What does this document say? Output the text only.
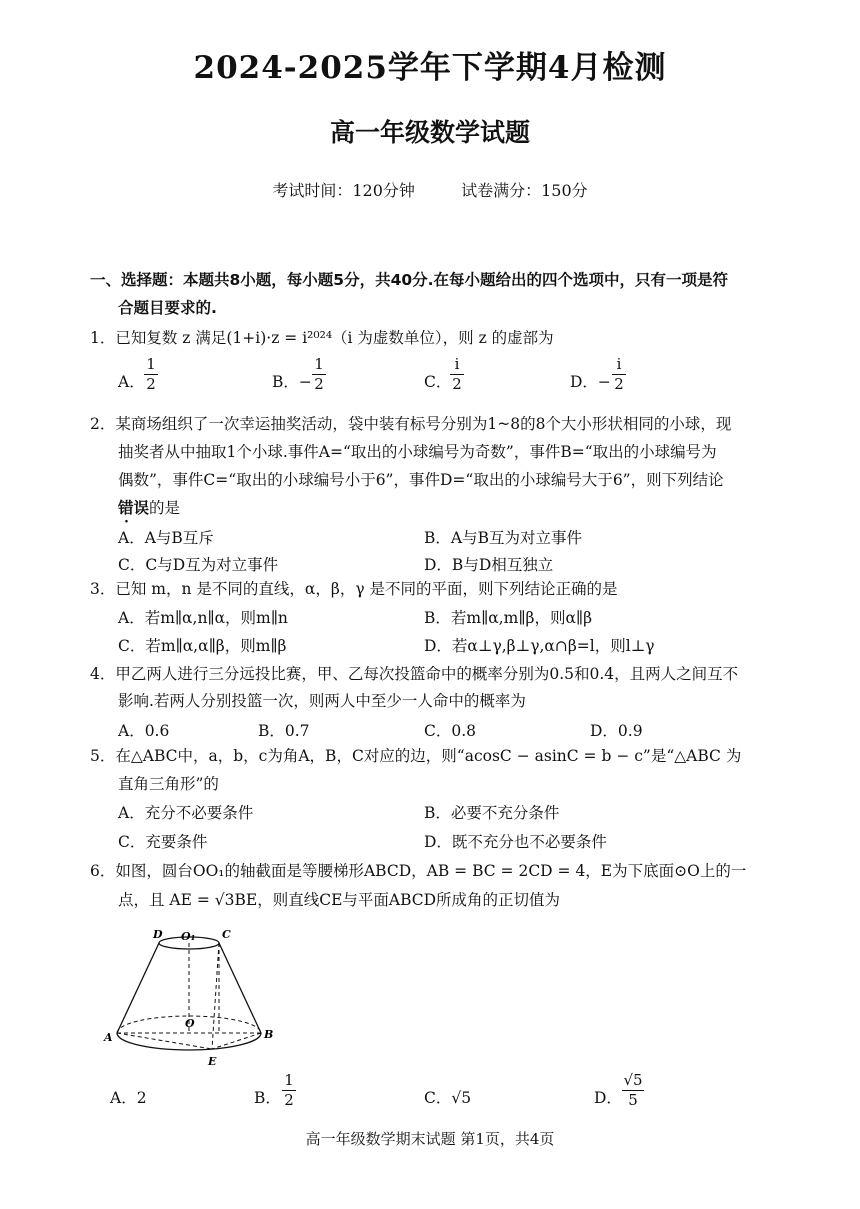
2024-2025学年下学期4月检测
高一年级数学试题
考试时间：120分钟	试卷满分：150分
一、选择题：本题共8小题，每小题5分，共40分.在每小题给出的四个选项中，只有一项是符
合题目要求的.
1．已知复数 z 满足(1+i)·z = i²⁰²⁴（i 为虚数单位），则 z 的虚部为
A．
1
2	B．−
1
2	C．
i
2	D．−
i
2
2．某商场组织了一次幸运抽奖活动，袋中装有标号分别为1~8的8个大小形状相同的小球，现
抽奖者从中抽取1个小球.事件A=“取出的小球编号为奇数”，事件B=“取出的小球编号为
偶数”，事件C=“取出的小球编号小于6”，事件D=“取出的小球编号大于6”，则下列结论
错误的是
A．A与B互斥	B．A与B互为对立事件
C．C与D互为对立事件	D．B与D相互独立
3．已知 m，n 是不同的直线，α，β，γ 是不同的平面，则下列结论正确的是
A．若m∥α,n∥α，则m∥n	B．若m∥α,m∥β，则α∥β
C．若m∥α,α∥β，则m∥β	D．若α⊥γ,β⊥γ,α∩β=l，则l⊥γ
4．甲乙两人进行三分远投比赛，甲、乙每次投篮命中的概率分别为0.5和0.4，且两人之间互不
影响.若两人分别投篮一次，则两人中至少一人命中的概率为
A．0.6	B．0.7	C．0.8	D．0.9
5．在△ABC中，a，b，c为角A，B，C对应的边，则“acosC − asinC = b − c”是“△ABC 为
直角三角形”的
A．充分不必要条件	B．必要不充分条件
C．充要条件	D．既不充分也不必要条件
6．如图，圆台OO₁的轴截面是等腰梯形ABCD，AB = BC = 2CD = 4，E为下底面⊙O上的一
点，且 AE = √3BE，则直线CE与平面ABCD所成角的正切值为
D O₁ C
O
A	B
E
A．2	B．
1
2	C．√5	D．
√5
5
高一年级数学期末试题 第1页，共4页
